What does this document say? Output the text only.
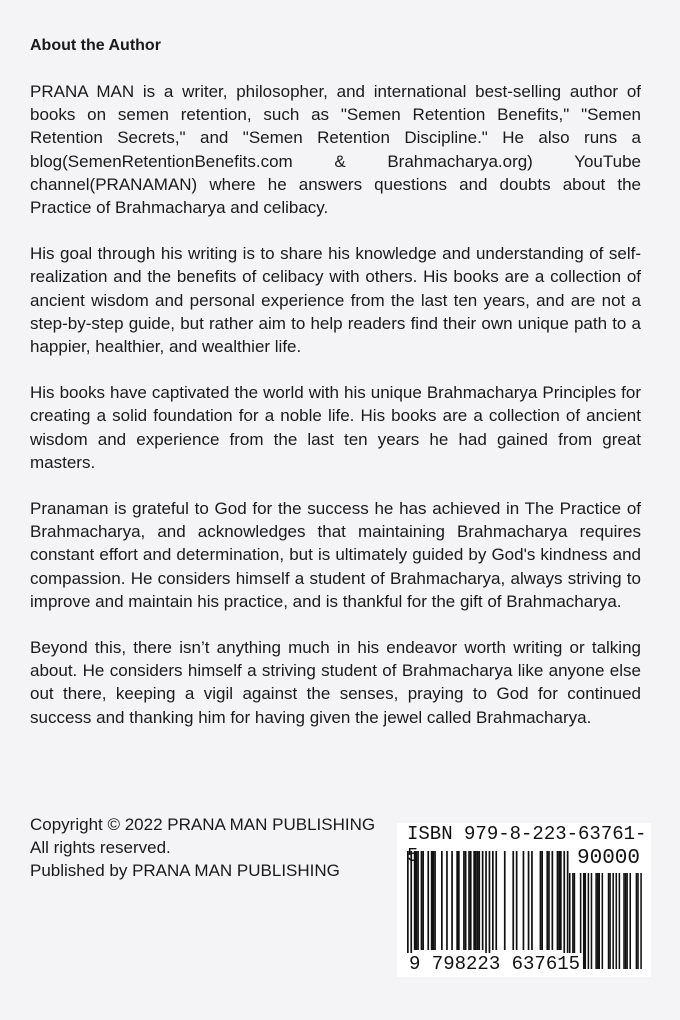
About the Author

PRANA MAN is a writer, philosopher, and international best-selling author of books on semen retention, such as "Semen Retention Benefits," "Semen Retention Secrets," and "Semen Retention Discipline." He also runs a blog(SemenRetentionBenefits.com & Brahmacharya.org) YouTube channel(PRANAMAN) where he answers questions and doubts about the Practice of Brahmacharya and celibacy.

His goal through his writing is to share his knowledge and understanding of self-realization and the benefits of celibacy with others. His books are a collection of ancient wisdom and personal experience from the last ten years, and are not a step-by-step guide, but rather aim to help readers find their own unique path to a happier, healthier, and wealthier life.

His books have captivated the world with his unique Brahmacharya Principles for creating a solid foundation for a noble life. His books are a collection of ancient wisdom and experience from the last ten years he had gained from great masters.

Pranaman is grateful to God for the success he has achieved in The Practice of Brahmacharya, and acknowledges that maintaining Brahmacharya requires constant effort and determination, but is ultimately guided by God's kindness and compassion. He considers himself a student of Brahmacharya, always striving to improve and maintain his practice, and is thankful for the gift of Brahmacharya.

Beyond this, there isn’t anything much in his endeavor worth writing or talking about. He considers himself a striving student of Brahmacharya like anyone else out there, keeping a vigil against the senses, praying to God for continued success and thanking him for having given the jewel called Brahmacharya.

Copyright © 2022 PRANA MAN PUBLISHING
All rights reserved.
Published by PRANA MAN PUBLISHING
ISBN 979-8-223-63761-5	90000
9 798223 637615
